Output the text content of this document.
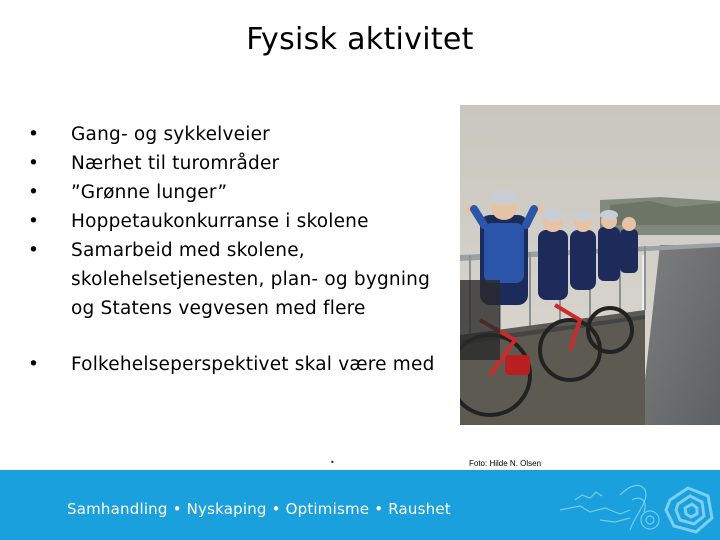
Fysisk aktivitet
• Gang- og sykkelveier
• Nærhet til turområder
• ”Grønne lunger”
• Hoppetaukonkurranse i skolene
• Samarbeid med skolene,
skolehelsetjenesten, plan- og bygning
og Statens vegvesen med flere
• Folkehelseperspektivet skal være med
•	Foto: Hilde N. Olsen
Samhandling • Nyskaping • Optimisme • Raushet
